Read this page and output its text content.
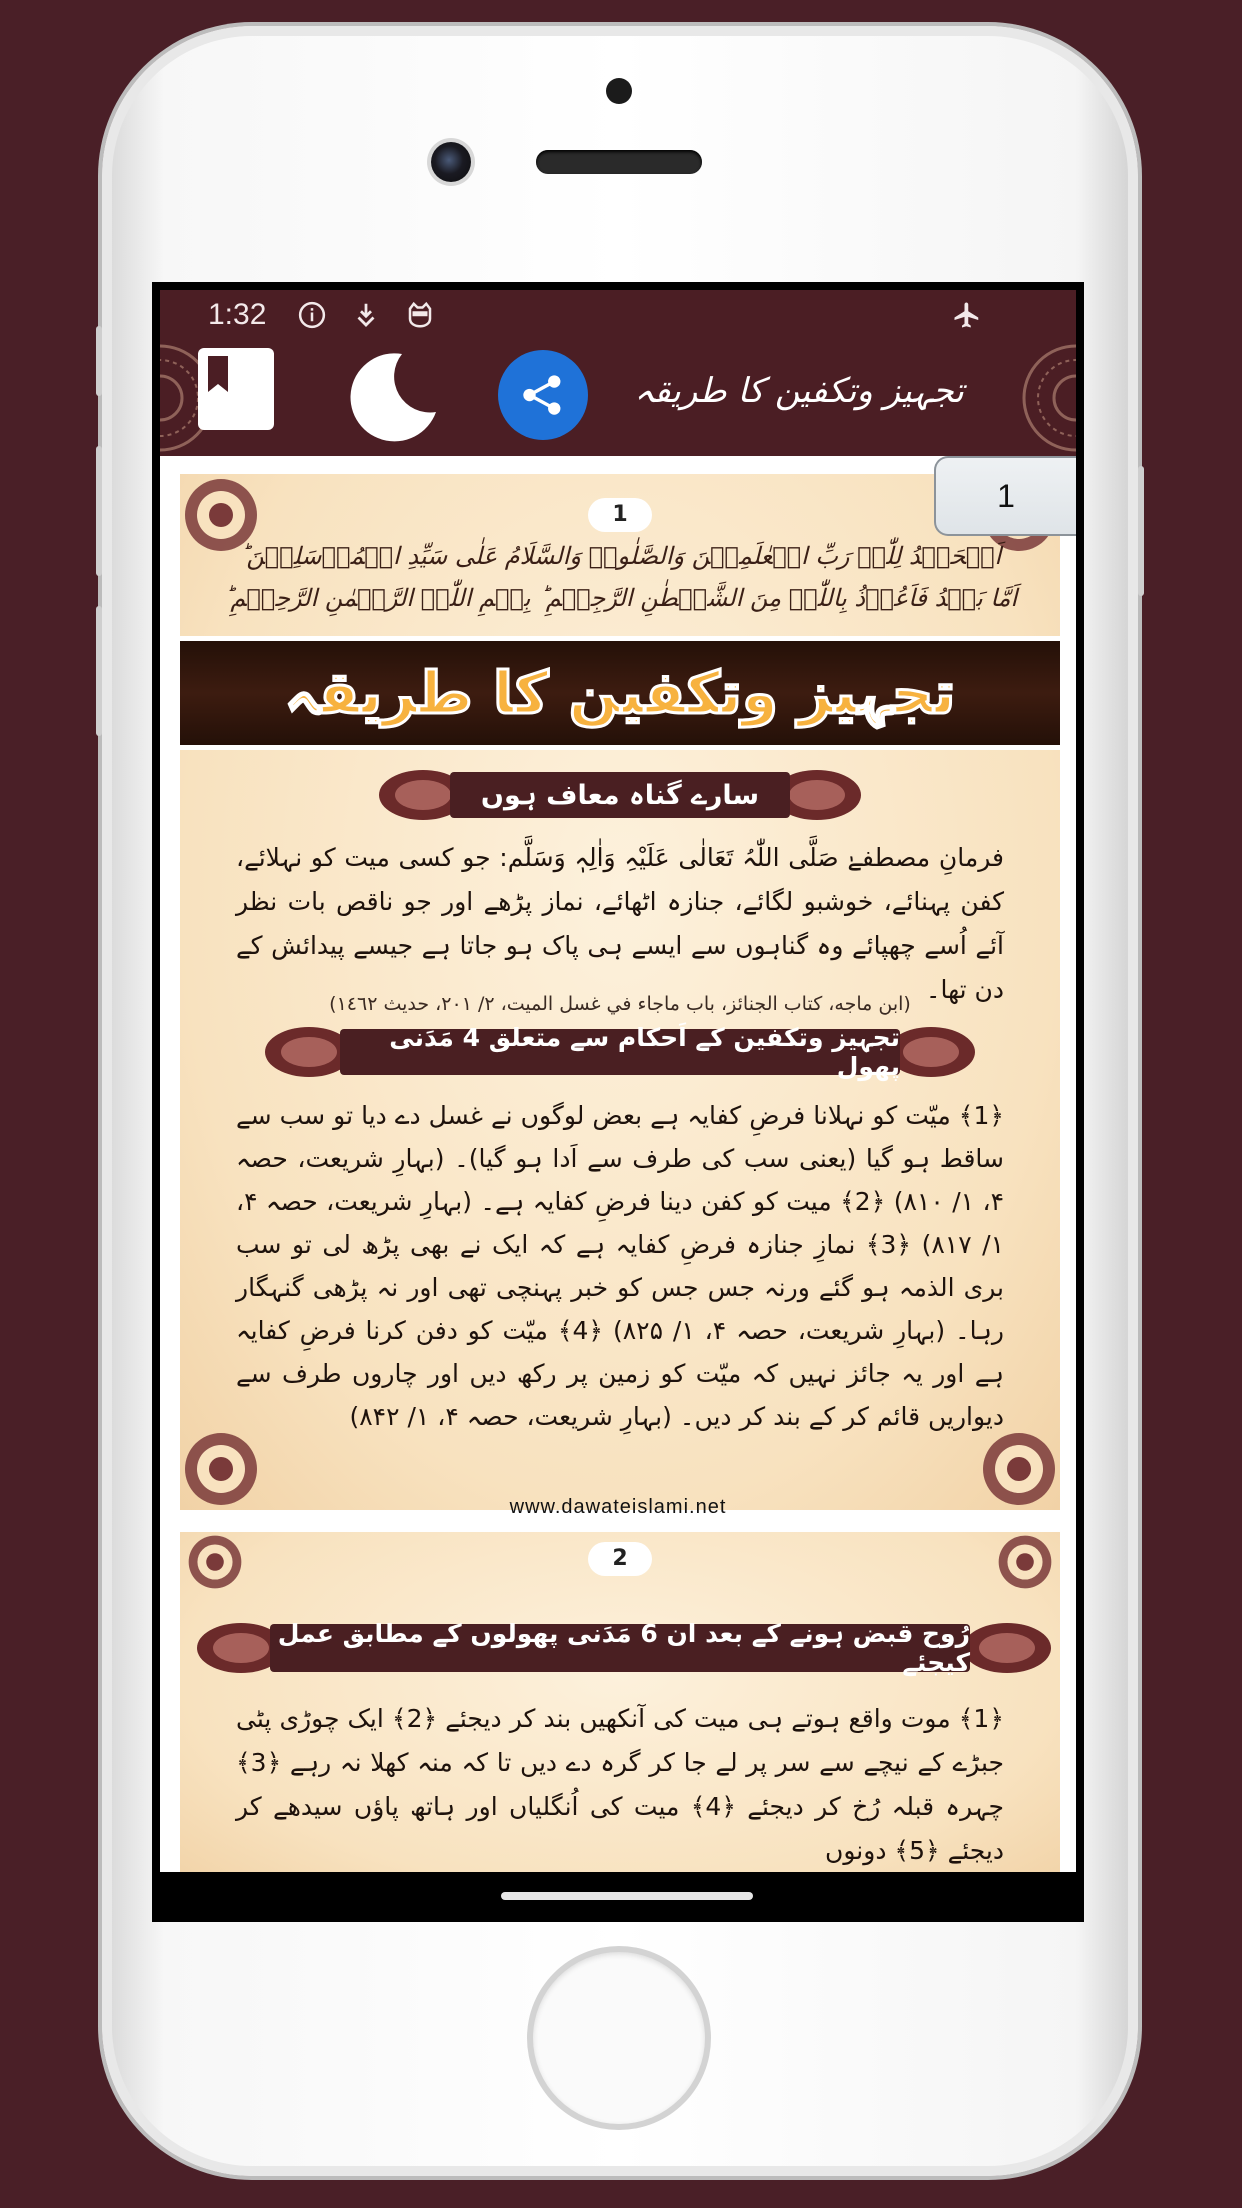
1:32
تجہیز وتکفین کا طریقہ
1
اَلۡحَمۡدُ لِلّٰہِ رَبِّ الۡعٰلَمِیۡنَ وَالصَّلٰوۃُ وَالسَّلَامُ عَلٰی سَیِّدِ الۡمُرۡسَلِیۡنَ ؕ
اَمَّا بَعۡدُ فَاَعُوۡذُ بِاللّٰہِ مِنَ الشَّیۡطٰنِ الرَّجِیۡمِ ؕ بِسۡمِ اللّٰہِ الرَّحۡمٰنِ الرَّحِیۡمِ ؕ
تجہیز وتکفین کا طریقہ
سارے گناہ معاف ہوں
فرمانِ مصطفےٰ صَلَّی اللّٰہُ تَعَالٰی عَلَیْہِ وَاٰلِہٖ وَسَلَّم: جو کسی میت کو نہلائے، کفن پہنائے، خوشبو لگائے، جنازہ اٹھائے، نماز پڑھے اور جو ناقص بات نظر آئے اُسے چھپائے وہ گناہوں سے ایسے ہی پاک ہو جاتا ہے جیسے پیدائش کے دن تھا۔
(ابن ماجه، كتاب الجنائز، باب ماجاء في غسل الميت، ٢/ ٢٠١، حديث ١٤٦٢)
تجہیز وتکفین کے اَحکام سے متعلق 4 مَدَنی پھول
﴿1﴾ میّت کو نہلانا فرضِ کفایہ ہے بعض لوگوں نے غسل دے دیا تو سب سے ساقط ہو گیا (یعنی سب کی طرف سے اَدا ہو گیا)۔ (بہارِ شریعت، حصہ ۴، ۱/ ۸۱۰) ﴿2﴾ میت کو کفن دینا فرضِ کفایہ ہے۔ (بہارِ شریعت، حصہ ۴، ۱/ ۸۱۷) ﴿3﴾ نمازِ جنازہ فرضِ کفایہ ہے کہ ایک نے بھی پڑھ لی تو سب بری الذمہ ہو گئے ورنہ جس جس کو خبر پہنچی تھی اور نہ پڑھی گنہگار رہا۔ (بہارِ شریعت، حصہ ۴، ۱/ ۸۲۵) ﴿4﴾ میّت کو دفن کرنا فرضِ کفایہ ہے اور یہ جائز نہیں کہ میّت کو زمین پر رکھ دیں اور چاروں طرف سے دیواریں قائم کر کے بند کر دیں۔ (بہارِ شریعت، حصہ ۴، ۱/ ۸۴۲)
www.dawateislami.net
2
رُوح قبض ہونے کے بعد ان 6 مَدَنی پھولوں کے مطابق عمل کیجئے
﴿1﴾ موت واقع ہوتے ہی میت کی آنکھیں بند کر دیجئے ﴿2﴾ ایک چوڑی پٹی جبڑے کے نیچے سے سر پر لے جا کر گرہ دے دیں تا کہ منہ کھلا نہ رہے ﴿3﴾ چہرہ قبلہ رُخ کر دیجئے ﴿4﴾ میت کی اُنگلیاں اور ہاتھ پاؤں سیدھے کر دیجئے ﴿5﴾ دونوں
1
